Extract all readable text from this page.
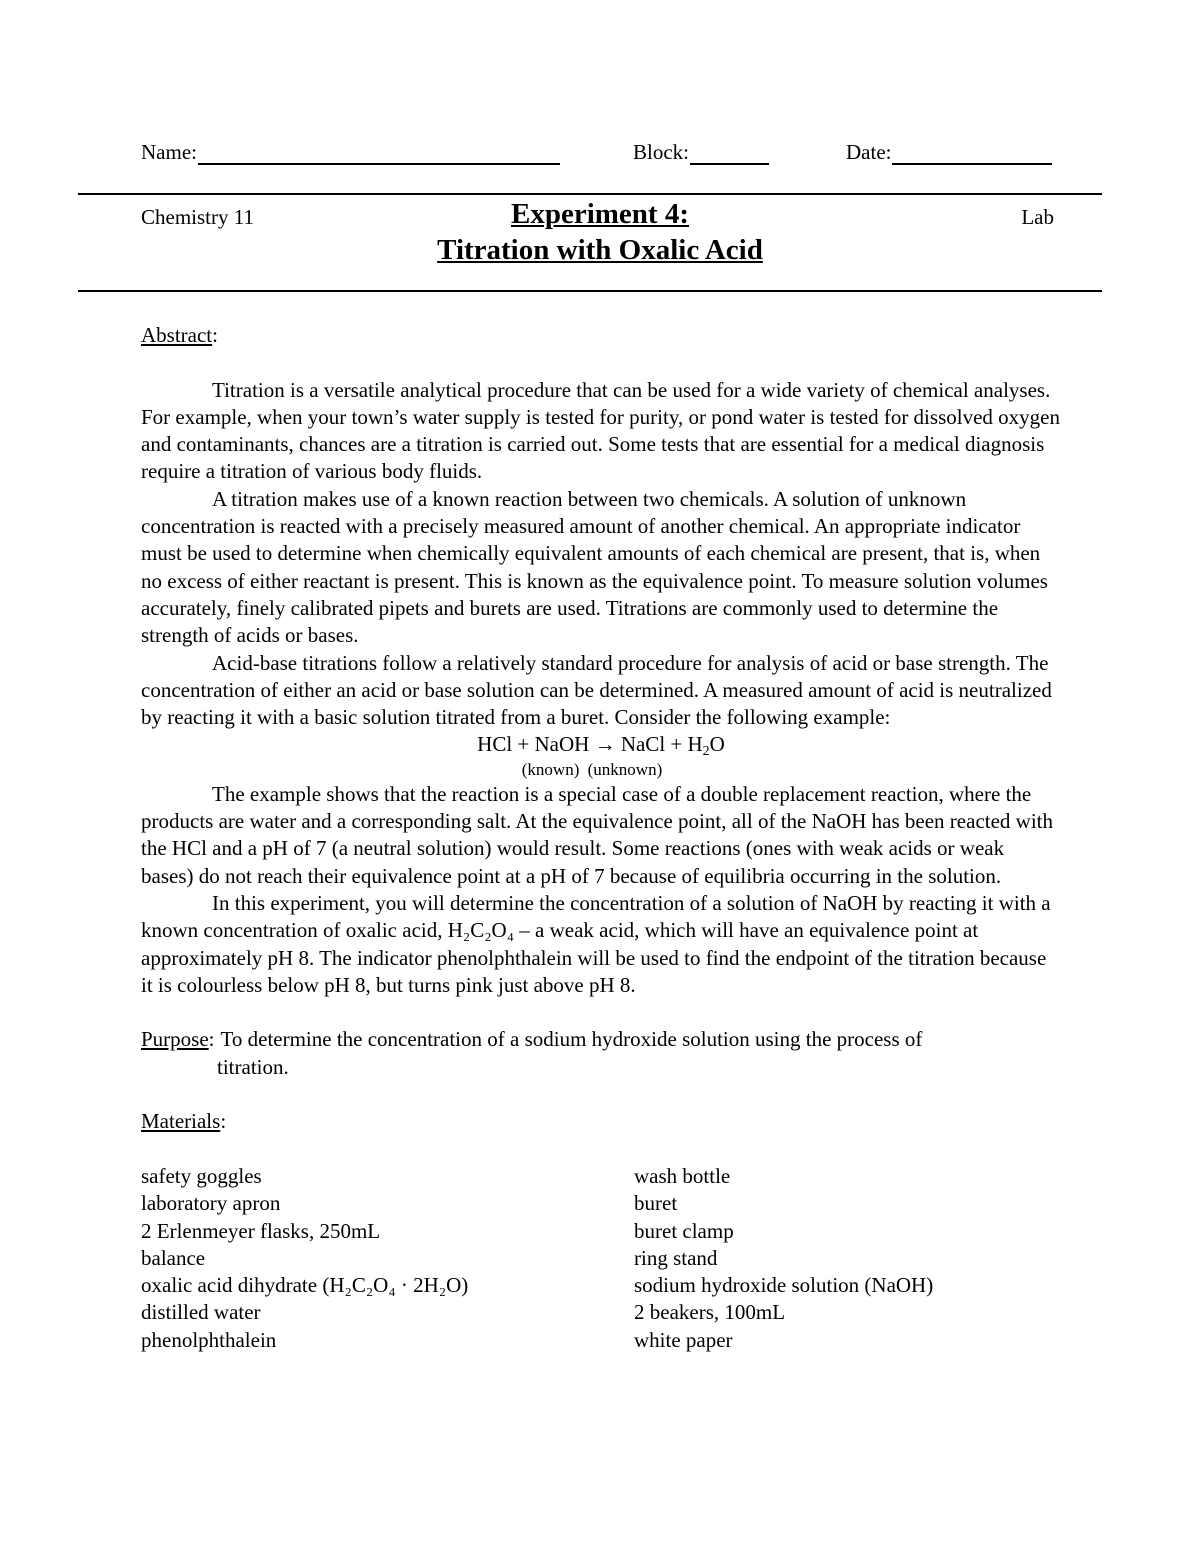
Name:	Block:	Date:
Chemistry 11	Lab
Experiment 4:
Titration with Oxalic Acid
Abstract:

Titration is a versatile analytical procedure that can be used for a wide variety of chemical analyses. For example, when your town’s water supply is tested for purity, or pond water is tested for dissolved oxygen and contaminants, chances are a titration is carried out. Some tests that are essential for a medical diagnosis require a titration of various body fluids.

A titration makes use of a known reaction between two chemicals. A solution of unknown concentration is reacted with a precisely measured amount of another chemical. An appropriate indicator must be used to determine when chemically equivalent amounts of each chemical are present, that is, when no excess of either reactant is present. This is known as the equivalence point. To measure solution volumes accurately, finely calibrated pipets and burets are used. Titrations are commonly used to determine the strength of acids or bases.

Acid-base titrations follow a relatively standard procedure for analysis of acid or base strength. The concentration of either an acid or base solution can be determined. A measured amount of acid is neutralized by reacting it with a basic solution titrated from a buret. Consider the following example:

HCl + NaOH → NaCl + $H_2O$

(known) (unknown)

The example shows that the reaction is a special case of a double replacement reaction, where the products are water and a corresponding salt. At the equivalence point, all of the NaOH has been reacted with the HCl and a pH of 7 (a neutral solution) would result. Some reactions (ones with weak acids or weak bases) do not reach their equivalence point at a pH of 7 because of equilibria occurring in the solution.

In this experiment, you will determine the concentration of a solution of NaOH by reacting it with a known concentration of oxalic acid, H₂C₂O₄ – a weak acid, which will have an equivalence point at approximately pH 8. The indicator phenolphthalein will be used to find the endpoint of the titration because it is colourless below pH 8, but turns pink just above pH 8.

Purpose: To determine the concentration of a sodium hydroxide solution using the process of
titration.
Materials:
safety goggles	wash bottle
laboratory apron	buret
2 Erlenmeyer flasks, 250mL	buret clamp
balance	ring stand
oxalic acid dihydrate (H₂C₂O₄ · 2H₂O)	sodium hydroxide solution (NaOH)
distilled water	2 beakers, 100mL
phenolphthalein	white paper
